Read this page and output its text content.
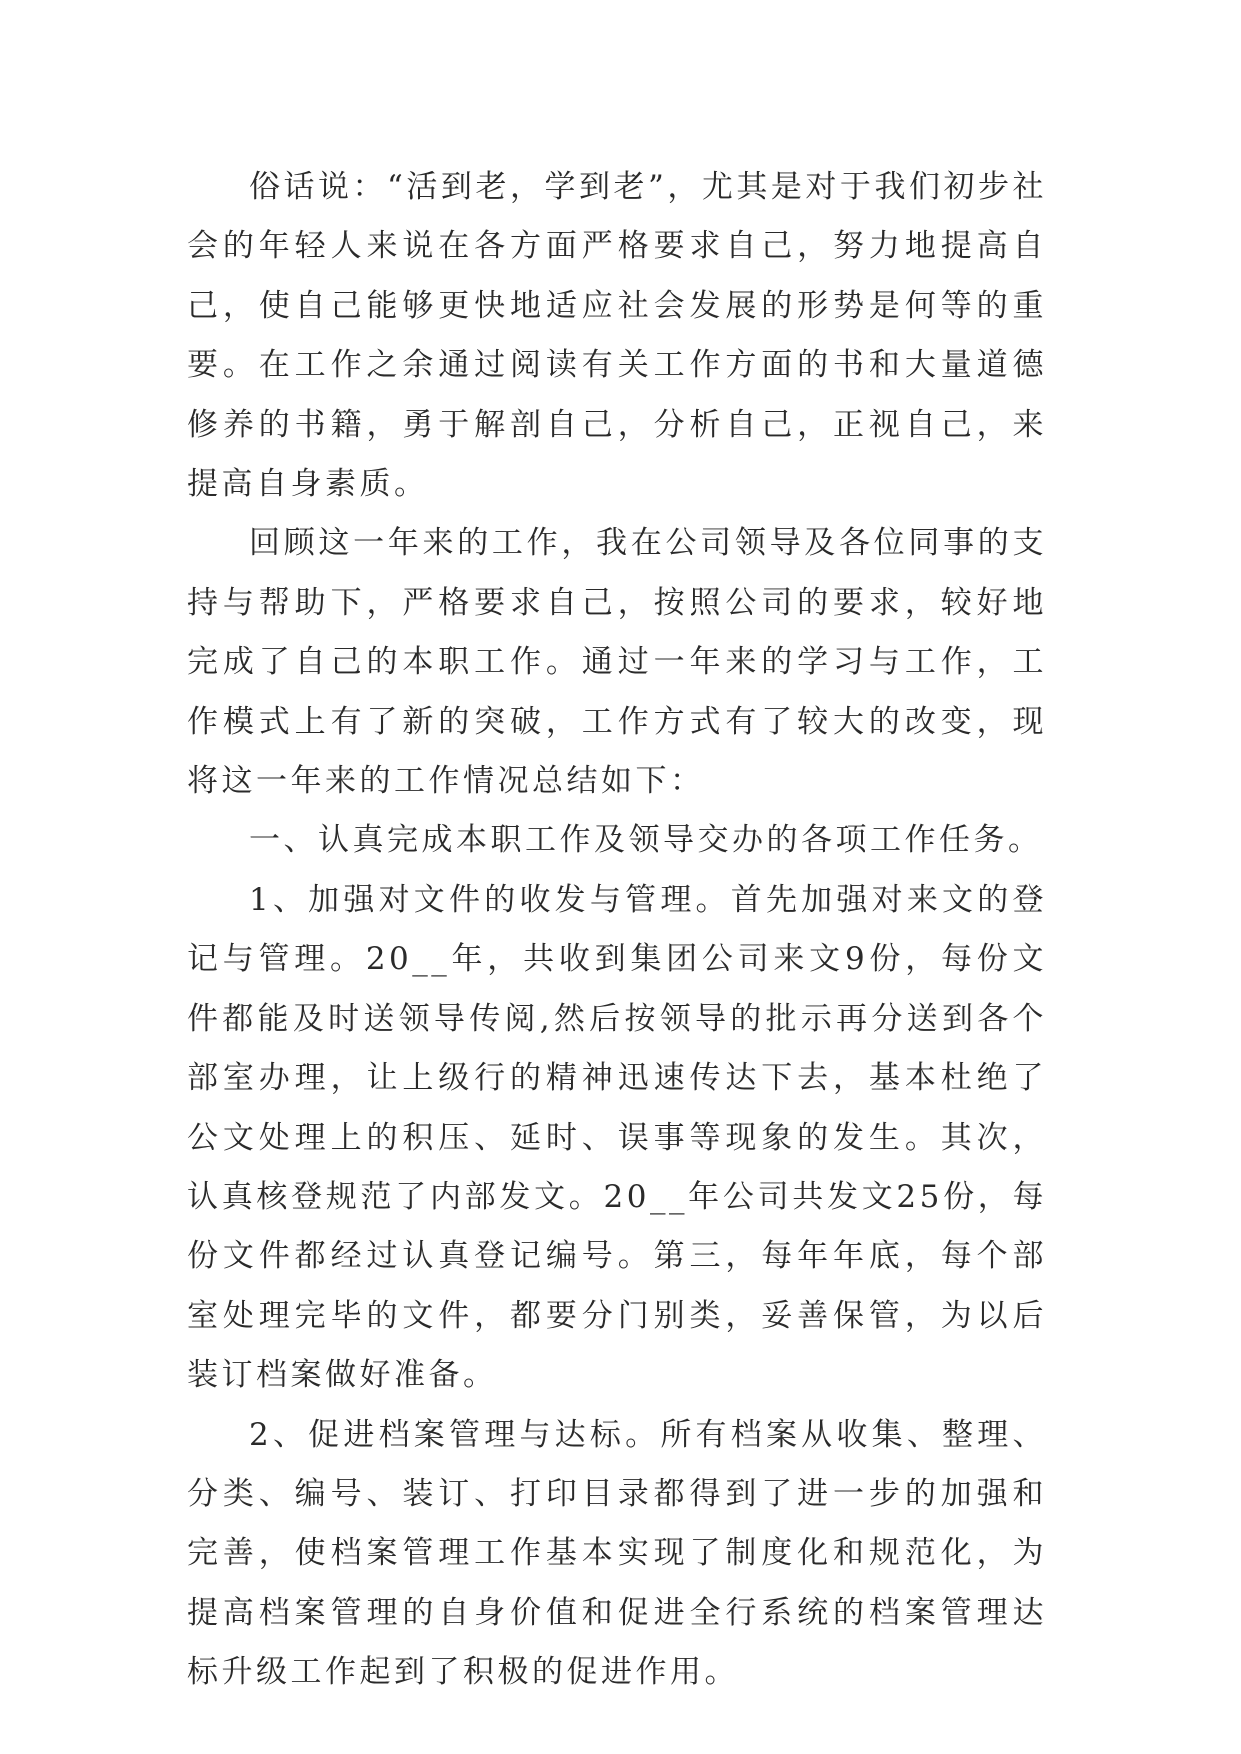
俗话说：“活到老，学到老”，尤其是对于我们初步社会的年轻人来说在各方面严格要求自己，努力地提高自己，使自己能够更快地适应社会发展的形势是何等的重要。在工作之余通过阅读有关工作方面的书和大量道德修养的书籍，勇于解剖自己，分析自己，正视自己，来提高自身素质。

回顾这一年来的工作，我在公司领导及各位同事的支持与帮助下，严格要求自己，按照公司的要求，较好地完成了自己的本职工作。通过一年来的学习与工作，工作模式上有了新的突破，工作方式有了较大的改变，现将这一年来的工作情况总结如下：

一、认真完成本职工作及领导交办的各项工作任务。

1、加强对文件的收发与管理。首先加强对来文的登记与管理。20__年，共收到集团公司来文9份，每份文件都能及时送领导传阅,然后按领导的批示再分送到各个部室办理，让上级行的精神迅速传达下去，基本杜绝了公文处理上的积压、延时、误事等现象的发生。其次，认真核登规范了内部发文。20__年公司共发文25份，每份文件都经过认真登记编号。第三，每年年底，每个部室处理完毕的文件，都要分门别类，妥善保管，为以后装订档案做好准备。

2、促进档案管理与达标。所有档案从收集、整理、分类、编号、装订、打印目录都得到了进一步的加强和完善，使档案管理工作基本实现了制度化和规范化，为提高档案管理的自身价值和促进全行系统的档案管理达标升级工作起到了积极的促进作用。
